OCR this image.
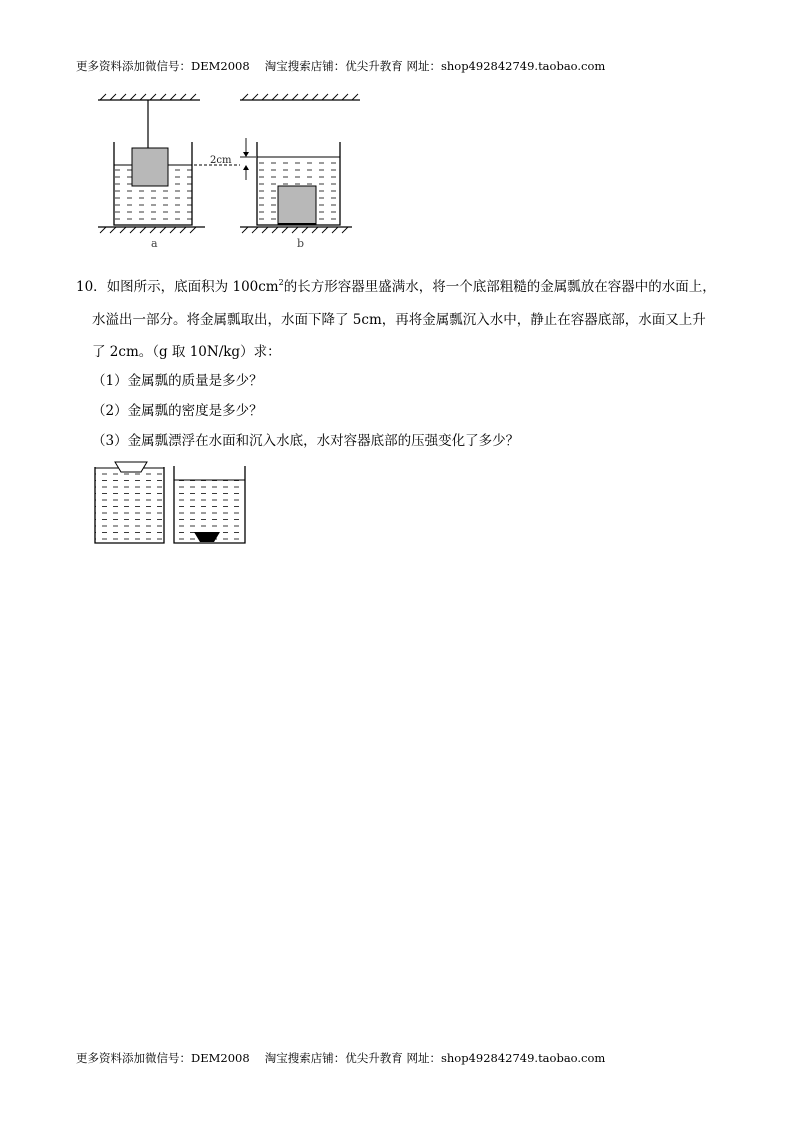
更多资料添加微信号：DEM2008　 淘宝搜索店铺：优尖升教育 网址：shop492842749.taobao.com
2cm
a	b
10．如图所示，底面积为 $100cm^2$的长方形容器里盛满水，将一个底部粗糙的金属瓢放在容器中的水面上，
水溢出一部分。将金属瓢取出，水面下降了 5cm，再将金属瓢沉入水中，静止在容器底部，水面又上升
了 2cm。（g 取 10N/kg）求：
（1）金属瓢的质量是多少？
（2）金属瓢的密度是多少？
（3）金属瓢漂浮在水面和沉入水底，水对容器底部的压强变化了多少？
更多资料添加微信号：DEM2008　 淘宝搜索店铺：优尖升教育 网址：shop492842749.taobao.com
